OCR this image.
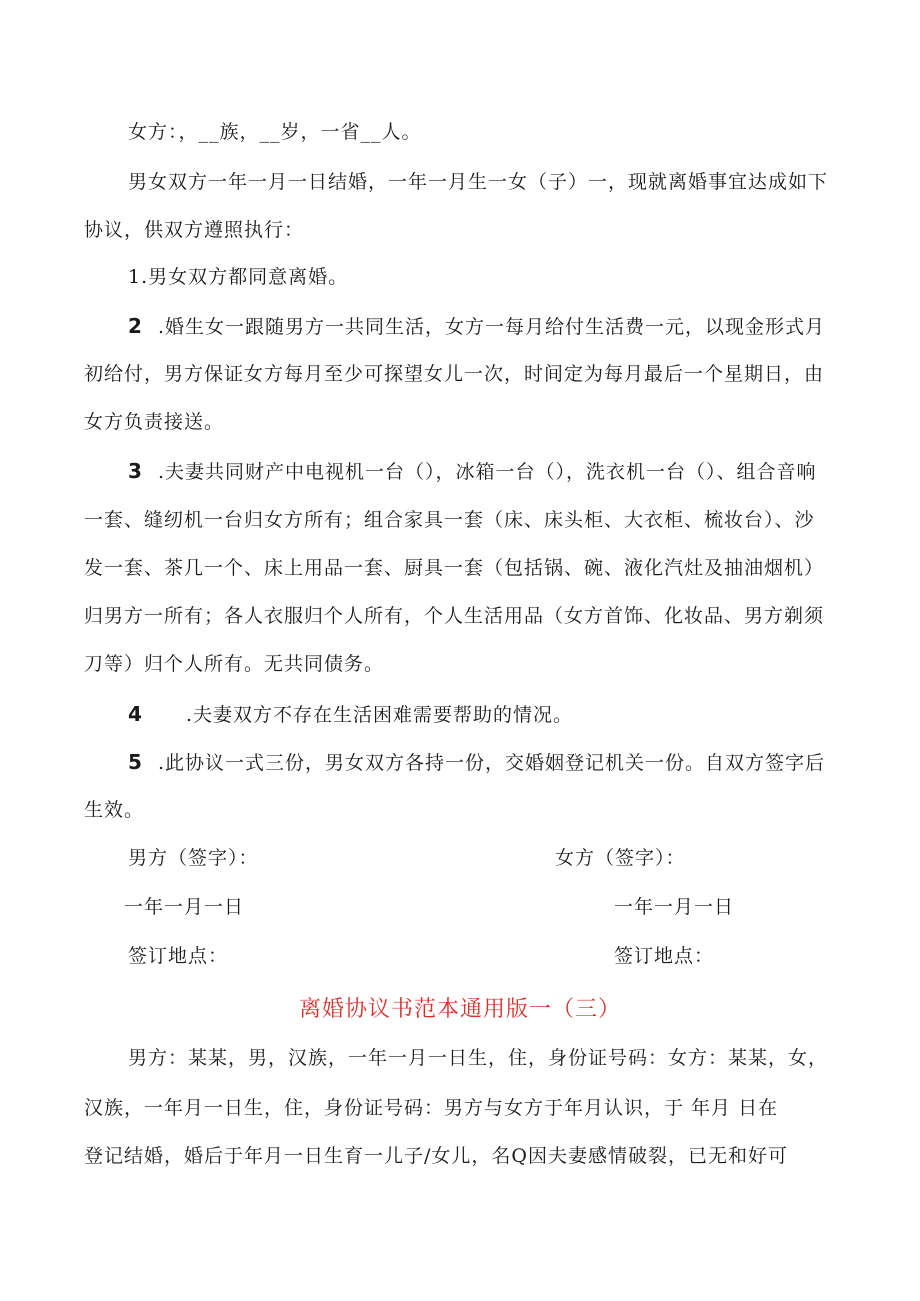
女方：，__族，__岁，一省__人。
男女双方一年一月一日结婚，一年一月生一女（子）一，现就离婚事宜达成如下
协议，供双方遵照执行：
1.男女双方都同意离婚。
2 .婚生女一跟随男方一共同生活，女方一每月给付生活费一元，以现金形式月
初给付，男方保证女方每月至少可探望女儿一次，时间定为每月最后一个星期日，由
女方负责接送。
3 .夫妻共同财产中电视机一台（），冰箱一台（），洗衣机一台（）、组合音响
一套、缝纫机一台归女方所有；组合家具一套（床、床头柜、大衣柜、梳妆台）、沙
发一套、茶几一个、床上用品一套、厨具一套（包括锅、碗、液化汽灶及抽油烟机）
归男方一所有；各人衣服归个人所有，个人生活用品（女方首饰、化妆品、男方剃须
刀等）归个人所有。无共同债务。
4 .夫妻双方不存在生活困难需要帮助的情况。
5 .此协议一式三份，男女双方各持一份，交婚姻登记机关一份。自双方签字后
生效。
男方（签字）：	女方（签字）：
一年一月一日	一年一月一日
签订地点：	签订地点：
离婚协议书范本通用版一（三）
男方：某某，男，汉族，一年一月一日生，住，身份证号码：女方：某某，女，
汉族，一年月一日生，住，身份证号码：男方与女方于年月认识，于 年月 日在
登记结婚，婚后于年月一日生育一儿子/女儿，名Q因夫妻感情破裂，已无和好可
